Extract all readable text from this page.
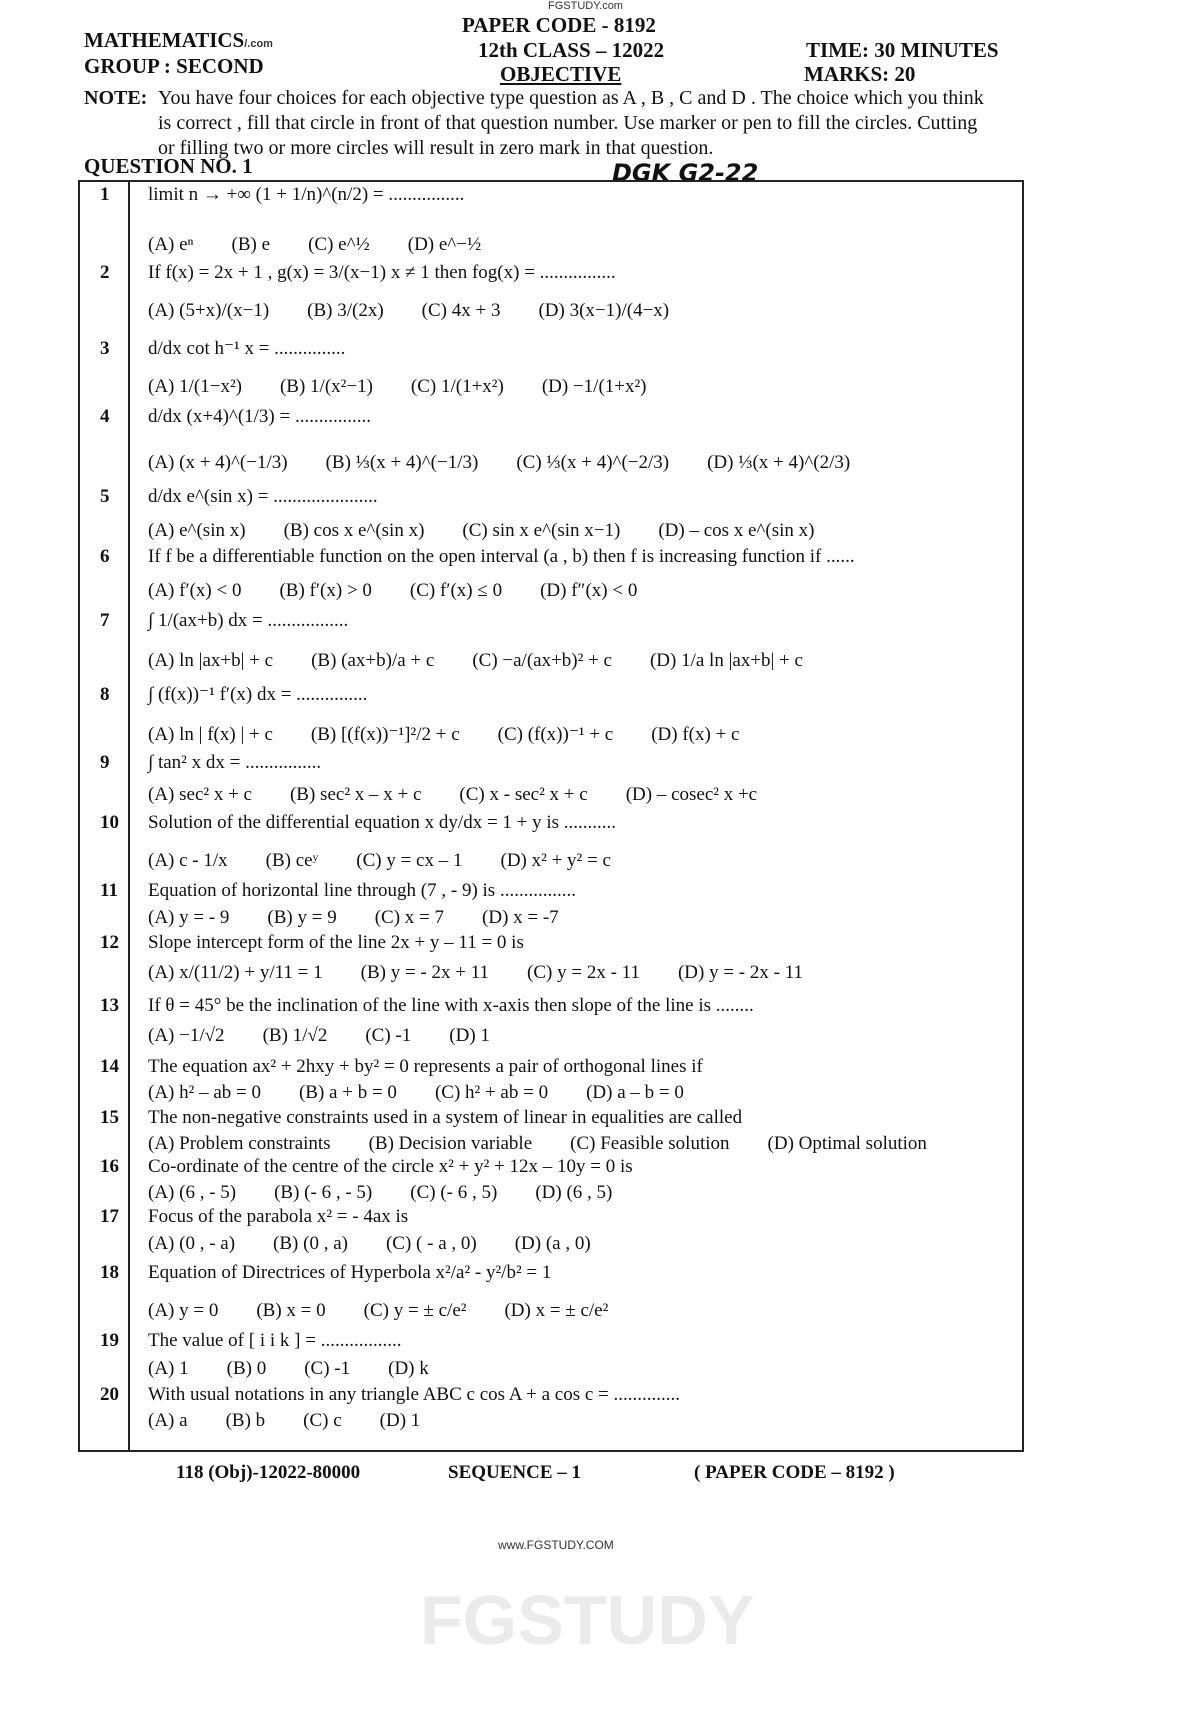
FGSTUDY.com
PAPER CODE - 8192
MATHEMATICS/.com	12th CLASS – 12022	TIME: 30 MINUTES
GROUP : SECOND	OBJECTIVE	MARKS: 20
NOTE: You have four choices for each objective type question as A , B , C and D . The choice which you think is correct , fill that circle in front of that question number. Use marker or pen to fill the circles. Cutting or filling two or more circles will result in zero mark in that question.
QUESTION NO. 1	DGK G2-22
FGSTUDY
1 limit n → +∞ (1 + 1/n)^(n/2) = ................
(A) eⁿ (B) e (C) e^½ (D) e^−½
2 If f(x) = 2x + 1 , g(x) = 3/(x−1) x ≠ 1 then fog(x) = ................
(A) (5+x)/(x−1) (B) 3/(2x) (C) 4x + 3 (D) 3(x−1)/(4−x)
3 d/dx cot h⁻¹ x = ...............
(A) 1/(1−x²) (B) 1/(x²−1) (C) 1/(1+x²) (D) −1/(1+x²)
4 d/dx (x+4)^(1/3) = ................
(A) (x + 4)^(−1/3) (B) ⅓(x + 4)^(−1/3) (C) ⅓(x + 4)^(−2/3) (D) ⅓(x + 4)^(2/3)
5 d/dx e^(sin x) = ......................
(A) e^(sin x) (B) cos x e^(sin x) (C) sin x e^(sin x−1) (D) – cos x e^(sin x)
6 If f be a differentiable function on the open interval (a , b) then f is increasing function if ......
(A) f′(x) < 0 (B) f′(x) > 0 (C) f′(x) ≤ 0 (D) f″(x) < 0
7 ∫ 1/(ax+b) dx = .................
(A) ln |ax+b| + c (B) (ax+b)/a + c (C) −a/(ax+b)² + c (D) 1/a ln |ax+b| + c
8 ∫ (f(x))⁻¹ f′(x) dx = ...............
(A) ln | f(x) | + c (B) [(f(x))⁻¹]²/2 + c (C) (f(x))⁻¹ + c (D) f(x) + c
9 ∫ tan² x dx = ................
(A) sec² x + c (B) sec² x – x + c (C) x - sec² x + c (D) – cosec² x +c
10 Solution of the differential equation x dy/dx = 1 + y is ...........
(A) c - 1/x (B) ceʸ (C) y = cx – 1 (D) x² + y² = c
11 Equation of horizontal line through (7 , - 9) is ................
(A) y = - 9 (B) y = 9 (C) x = 7 (D) x = -7
12 Slope intercept form of the line 2x + y – 11 = 0 is
(A) x/(11/2) + y/11 = 1 (B) y = - 2x + 11 (C) y = 2x - 11 (D) y = - 2x - 11
13 If θ = 45° be the inclination of the line with x-axis then slope of the line is ........
(A) −1/√2 (B) 1/√2 (C) -1 (D) 1
14 The equation ax² + 2hxy + by² = 0 represents a pair of orthogonal lines if
(A) h² – ab = 0 (B) a + b = 0 (C) h² + ab = 0 (D) a – b = 0
15 The non-negative constraints used in a system of linear in equalities are called
(A) Problem constraints (B) Decision variable (C) Feasible solution (D) Optimal solution
16 Co-ordinate of the centre of the circle x² + y² + 12x – 10y = 0 is
(A) (6 , - 5) (B) (- 6 , - 5) (C) (- 6 , 5) (D) (6 , 5)
17 Focus of the parabola x² = - 4ax is
(A) (0 , - a) (B) (0 , a) (C) ( - a , 0) (D) (a , 0)
18 Equation of Directrices of Hyperbola x²/a² - y²/b² = 1
(A) y = 0 (B) x = 0 (C) y = ± c/e² (D) x = ± c/e²
19 The value of [ i i k ] = .................
(A) 1 (B) 0 (C) -1 (D) k
20 With usual notations in any triangle ABC c cos A + a cos c = ..............
(A) a (B) b (C) c (D) 1
118 (Obj)-12022-80000	SEQUENCE – 1	( PAPER CODE – 8192 )
www.FGSTUDY.COM
